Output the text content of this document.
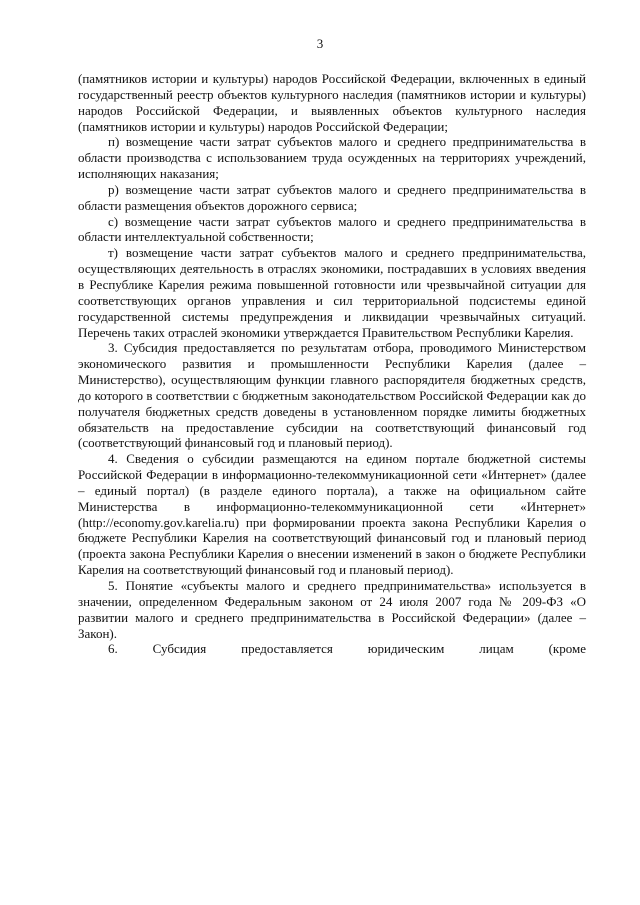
3

(памятников истории и культуры) народов Российской Федерации, включенных в единый государственный реестр объектов культурного наследия (памятников истории и культуры) народов Российской Федерации, и выявленных объектов культурного наследия (памятников истории и культуры) народов Российской Федерации;

п) возмещение части затрат субъектов малого и среднего предпринимательства в области производства с использованием труда осужденных на территориях учреждений, исполняющих наказания;

р) возмещение части затрат субъектов малого и среднего предпринимательства в области размещения объектов дорожного сервиса;

с) возмещение части затрат субъектов малого и среднего предпринимательства в области интеллектуальной собственности;

т) возмещение части затрат субъектов малого и среднего предпринимательства, осуществляющих деятельность в отраслях экономики, пострадавших в условиях введения в Республике Карелия режима повышенной готовности или чрезвычайной ситуации для соответствующих органов управления и сил территориальной подсистемы единой государственной системы предупреждения и ликвидации чрезвычайных ситуаций. Перечень таких отраслей экономики утверждается Правительством Республики Карелия.

3. Субсидия предоставляется по результатам отбора, проводимого Министерством экономического развития и промышленности Республики Карелия (далее – Министерство), осуществляющим функции главного распорядителя бюджетных средств, до которого в соответствии с бюджетным законодательством Российской Федерации как до получателя бюджетных средств доведены в установленном порядке лимиты бюджетных обязательств на предоставление субсидии на соответствующий финансовый год (соответствующий финансовый год и плановый период).

4. Сведения о субсидии размещаются на едином портале бюджетной системы Российской Федерации в информационно-телекоммуникационной сети «Интернет» (далее – единый портал) (в разделе единого портала), а также на официальном сайте Министерства в информационно-телекоммуникационной сети «Интернет» (http://economy.gov.karelia.ru) при формировании проекта закона Республики Карелия о бюджете Республики Карелия на соответствующий финансовый год и плановый период (проекта закона Республики Карелия о внесении изменений в закон о бюджете Республики Карелия на соответствующий финансовый год и плановый период).

5. Понятие «субъекты малого и среднего предпринимательства» используется в значении, определенном Федеральным законом от 24 июля 2007 года № 209-ФЗ «О развитии малого и среднего предпринимательства в Российской Федерации» (далее – Закон).

6. Субсидия предоставляется юридическим лицам (кроме
